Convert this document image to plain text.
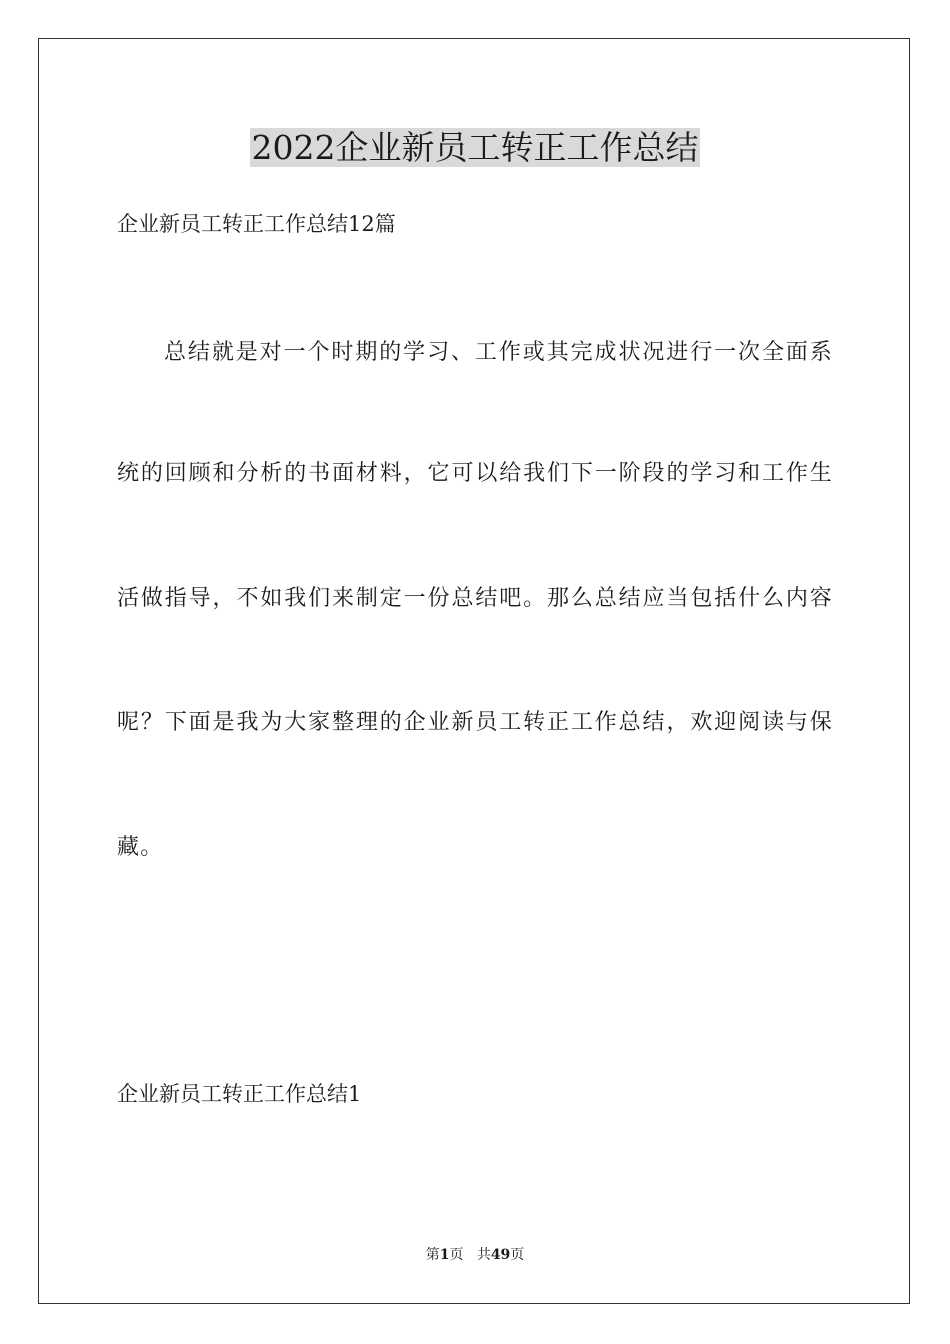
2022企业新员工转正工作总结

企业新员工转正工作总结12篇

总结就是对一个时期的学习、工作或其完成状况进行一次全面系

统的回顾和分析的书面材料，它可以给我们下一阶段的学习和工作生

活做指导，不如我们来制定一份总结吧。那么总结应当包括什么内容

呢？下面是我为大家整理的企业新员工转正工作总结，欢迎阅读与保

藏。

企业新员工转正工作总结1

第1页 共49页
